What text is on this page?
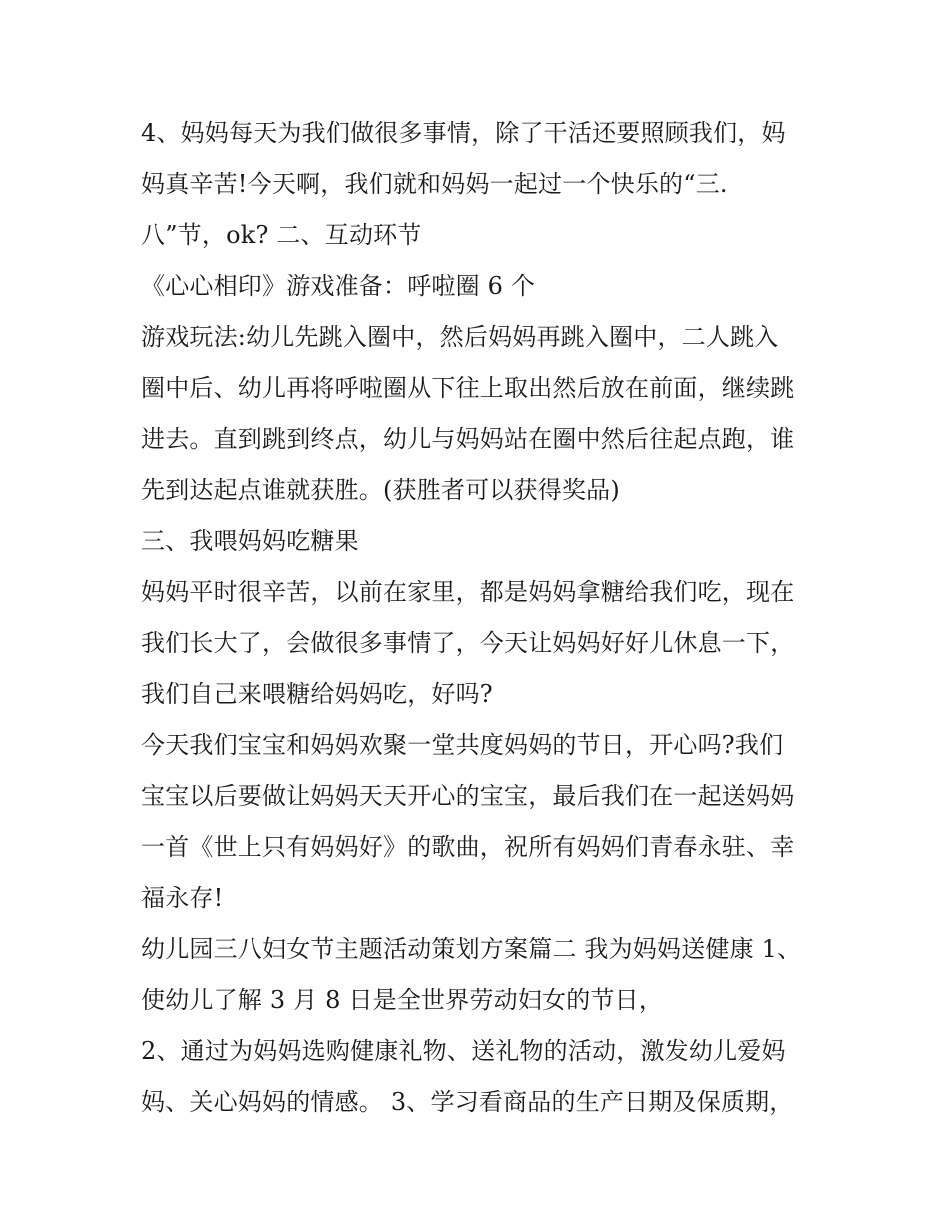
4、妈妈每天为我们做很多事情，除了干活还要照顾我们，妈
妈真辛苦!今天啊，我们就和妈妈一起过一个快乐的“三.
八”节，ok? 二、互动环节
《心心相印》游戏准备：呼啦圈 6 个
游戏玩法:幼儿先跳入圈中，然后妈妈再跳入圈中，二人跳入
圈中后、幼儿再将呼啦圈从下往上取出然后放在前面，继续跳
进去。直到跳到终点，幼儿与妈妈站在圈中然后往起点跑，谁
先到达起点谁就获胜。(获胜者可以获得奖品)
三、我喂妈妈吃糖果
妈妈平时很辛苦，以前在家里，都是妈妈拿糖给我们吃，现在
我们长大了，会做很多事情了，今天让妈妈好好儿休息一下，
我们自己来喂糖给妈妈吃，好吗?
今天我们宝宝和妈妈欢聚一堂共度妈妈的节日，开心吗?我们
宝宝以后要做让妈妈天天开心的宝宝，最后我们在一起送妈妈
一首《世上只有妈妈好》的歌曲，祝所有妈妈们青春永驻、幸
福永存!
幼儿园三八妇女节主题活动策划方案篇二 我为妈妈送健康 1、
使幼儿了解 3 月 8 日是全世界劳动妇女的节日，
2、通过为妈妈选购健康礼物、送礼物的活动，激发幼儿爱妈
妈、关心妈妈的情感。 3、学习看商品的生产日期及保质期，
